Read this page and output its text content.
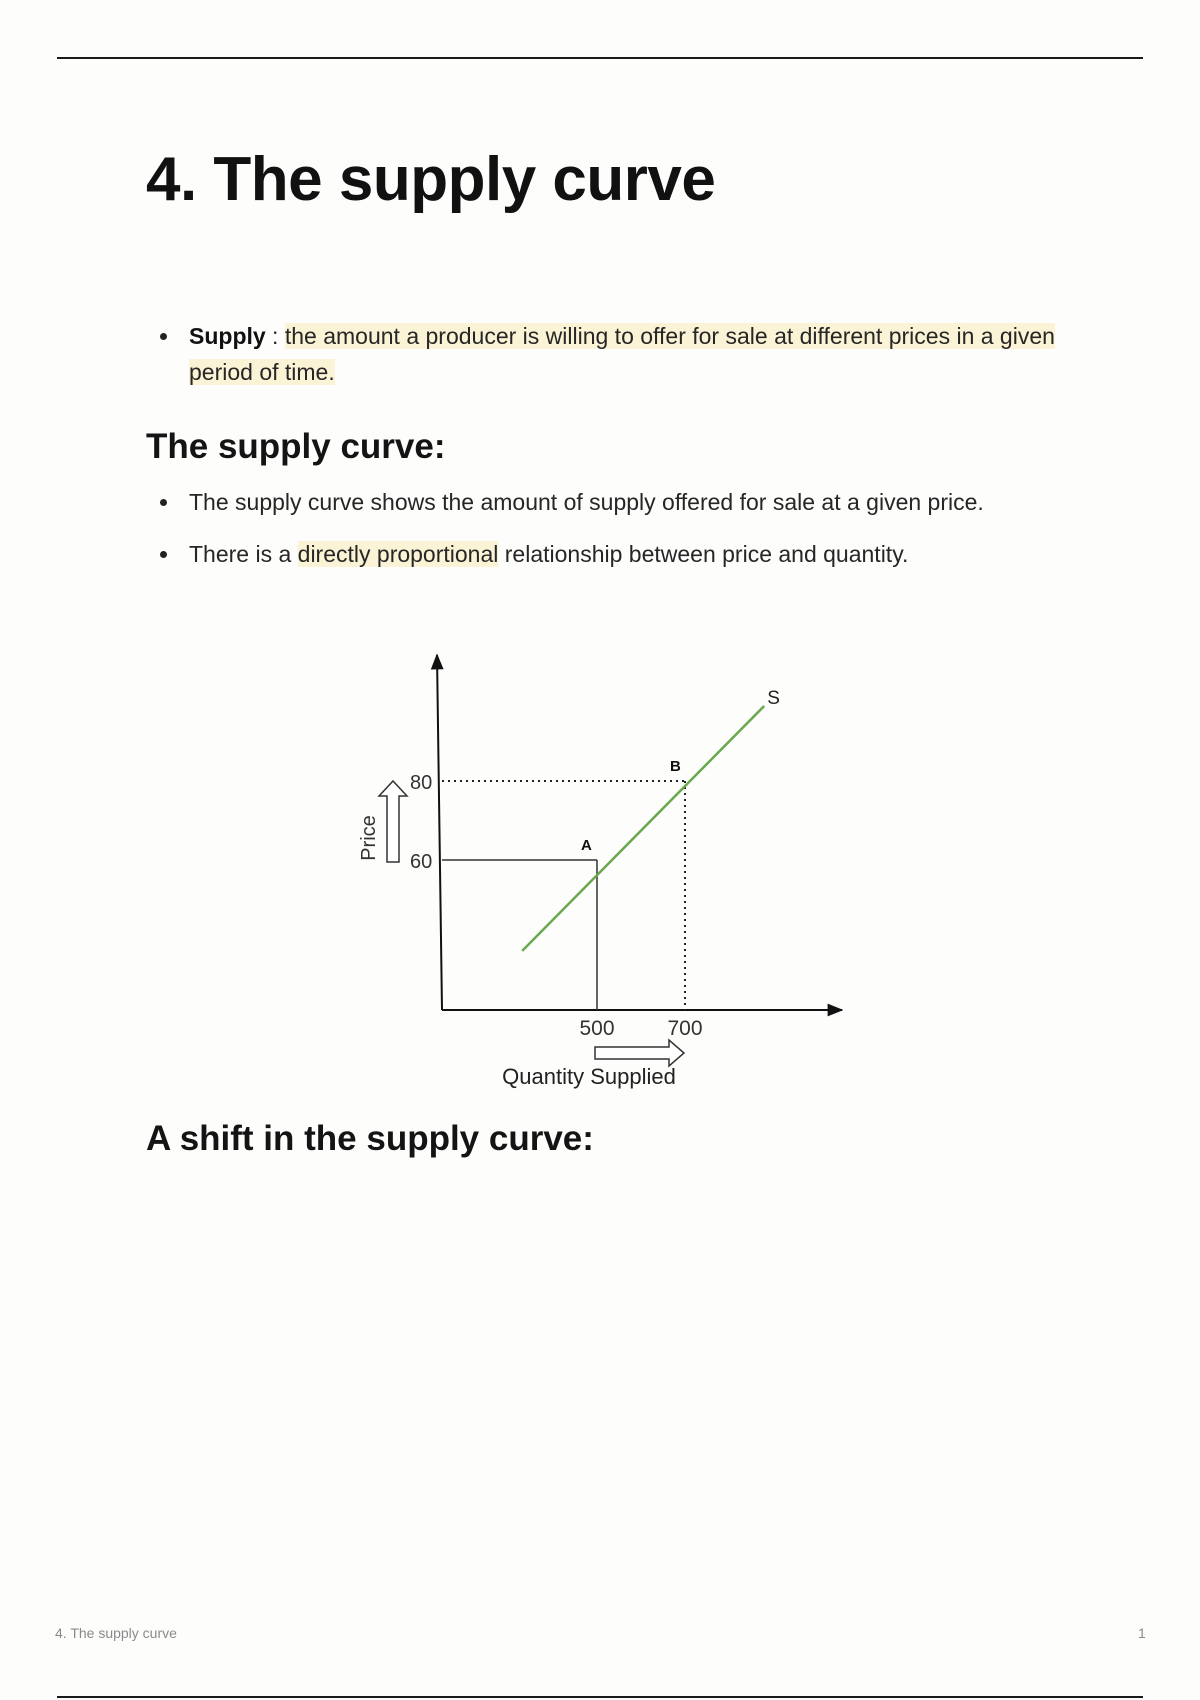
4. The supply curve
Supply : the amount a producer is willing to offer for sale at different prices in a given period of time.
The supply curve:
The supply curve shows the amount of supply offered for sale at a given price.
There is a directly proportional relationship between price and quantity.
S
A
B
60
80
500	700
Price
Quantity Supplied
A shift in the supply curve:
4. The supply curve	1
